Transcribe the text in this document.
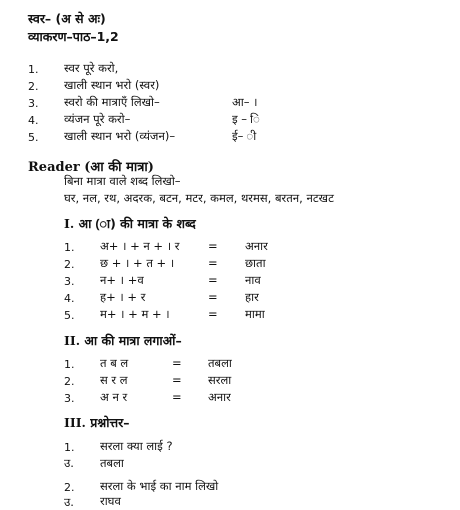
स्वर– (अ से अः)
व्याकरण–पाठ–1,2
1. स्वर पूरे करो,
2. खाली स्थान भरो (स्वर)
3. स्वरो की मात्राएँ लिखो–	आ– ।
4. व्यंजन पूरे करो–	इ – ि
5. खाली स्थान भरो (व्यंजन)–	ई– ी
Reader (आ की मात्रा)
बिना मात्रा वाले शब्द लिखो–
घर, नल, रथ, अदरक, बटन, मटर, कमल, थरमस, बरतन, नटखट
I. आ (ा) की मात्रा के शब्द
1. अ+ । + न + । र = अनार
2. छ + । + त + ।	= छाता
3. न+ । +व	= नाव
4. ह+ । + र	= हार
5. म+ । + म + ।	= मामा
II. आ की मात्रा लगाओं–
1. त ब ल	= तबला
2. स र ल	= सरला
3. अ न र	= अनार
III. प्रश्नोत्तर–
1. सरला क्या लाई ?
उ. तबला
2. सरला के भाई का नाम लिखो
उ. राघव
